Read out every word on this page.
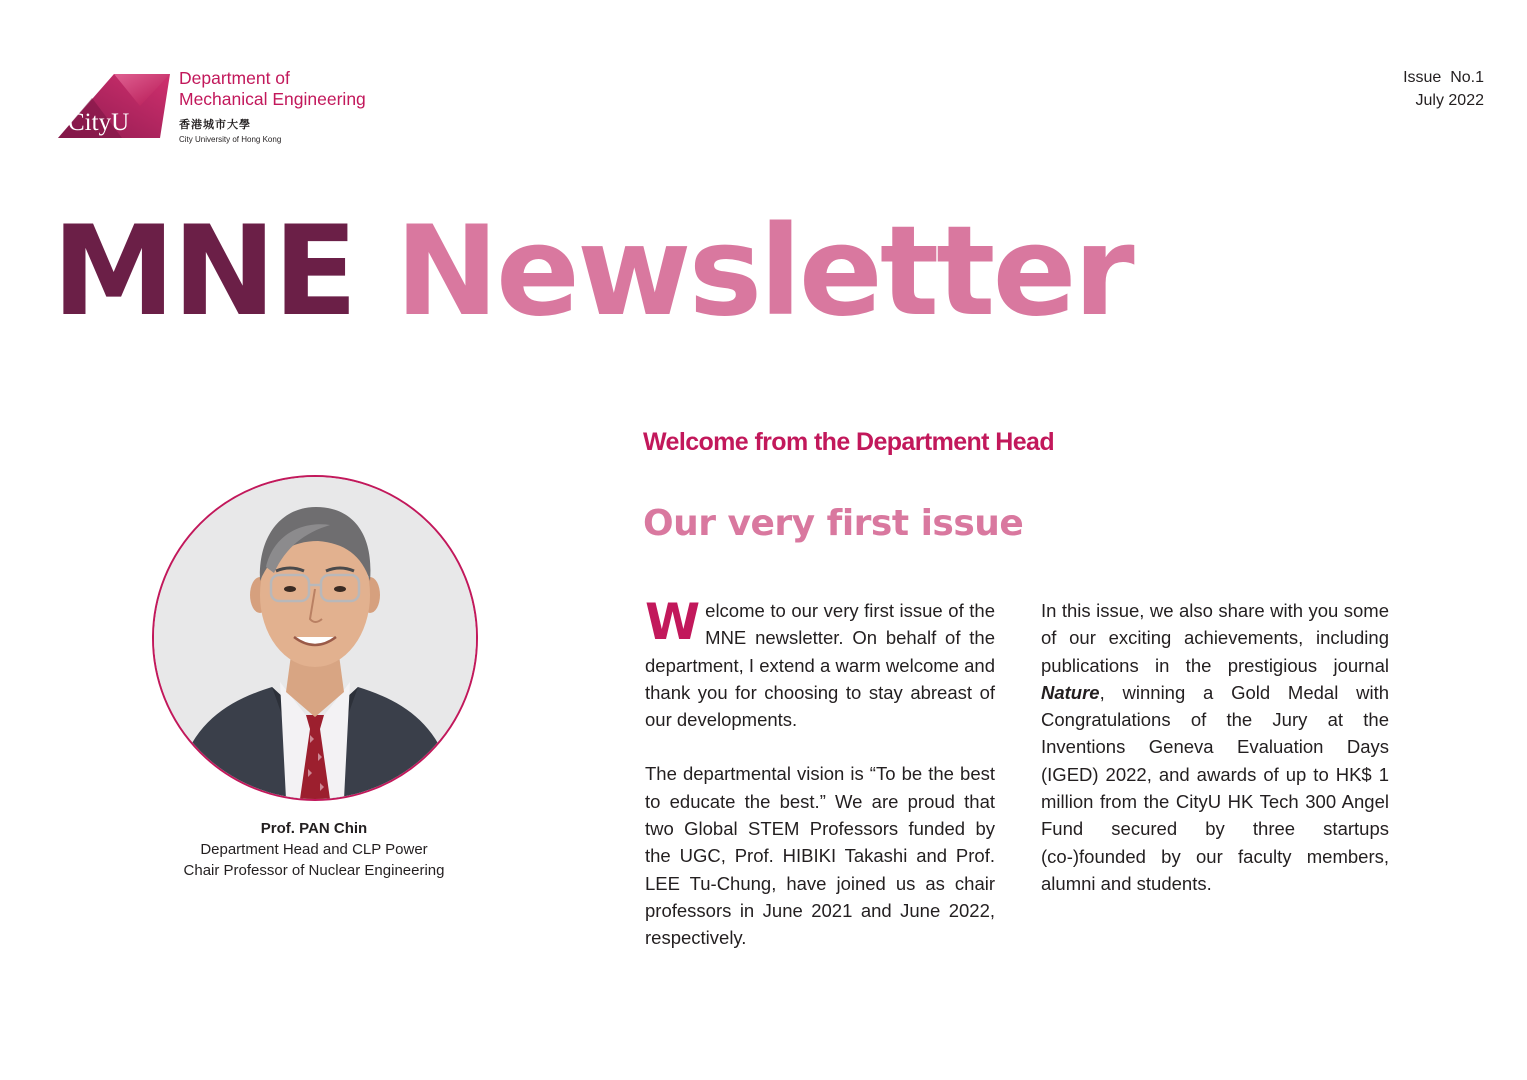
CityU
Department of
Mechanical Engineering
香港城市大學
City University of Hong Kong
Issue  No.1
July 2022
MNE Newsletter
Welcome from the Department Head
Our very first issue
Prof. PAN Chin
Department Head and CLP Power
Chair Professor of Nuclear Engineering

Welcome to our very first issue of the MNE newsletter. On behalf of the department, I extend a warm welcome and thank you for choosing to stay abreast of our developments.

The departmental vision is “To be the best to educate the best.” We are proud that two Global STEM Professors funded by the UGC, Prof. HIBIKI Takashi and Prof. LEE Tu-Chung, have joined us as chair professors in June 2021 and June 2022, respectively.

In this issue, we also share with you some of our exciting achievements, including publications in the prestigious journal Nature, winning a Gold Medal with Congratulations of the Jury at the Inventions Geneva Evaluation Days (IGED) 2022, and awards of up to HK$ 1 million from the CityU HK Tech 300 Angel Fund secured by three startups (co-)founded by our faculty members, alumni and students.
